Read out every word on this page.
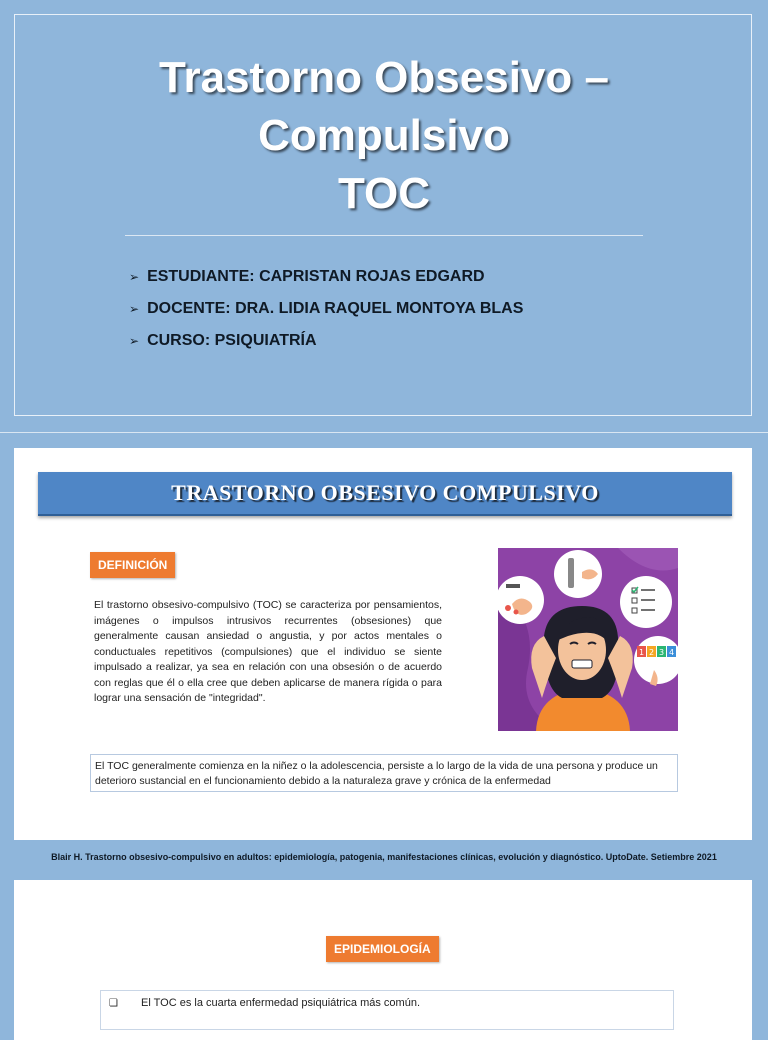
Trastorno Obsesivo –
Compulsivo
TOC
➢ ESTUDIANTE: CAPRISTAN ROJAS EDGARD
➢ DOCENTE: DRA. LIDIA RAQUEL MONTOYA BLAS
➢ CURSO: PSIQUIATRÍA
TRASTORNO OBSESIVO COMPULSIVO
DEFINICIÓN
El trastorno obsesivo-compulsivo (TOC) se caracteriza por pensamientos, imágenes o impulsos intrusivos recurrentes (obsesiones) que generalmente causan ansiedad o angustia, y por actos mentales o conductuales repetitivos (compulsiones) que el individuo se siente impulsado a realizar, ya sea en relación con una obsesión o de acuerdo con reglas que él o ella cree que deben aplicarse de manera rígida o para lograr una sensación de "integridad".
1 2 3 4
El TOC generalmente comienza en la niñez o la adolescencia, persiste a lo largo de la vida de una persona y produce un deterioro sustancial en el funcionamiento debido a la naturaleza grave y crónica de la enfermedad
Blair H. Trastorno obsesivo-compulsivo en adultos: epidemiología, patogenia, manifestaciones clínicas, evolución y diagnóstico. UptoDate. Setiembre 2021
EPIDEMIOLOGÍA
❏ El TOC es la cuarta enfermedad psiquiátrica más común.
